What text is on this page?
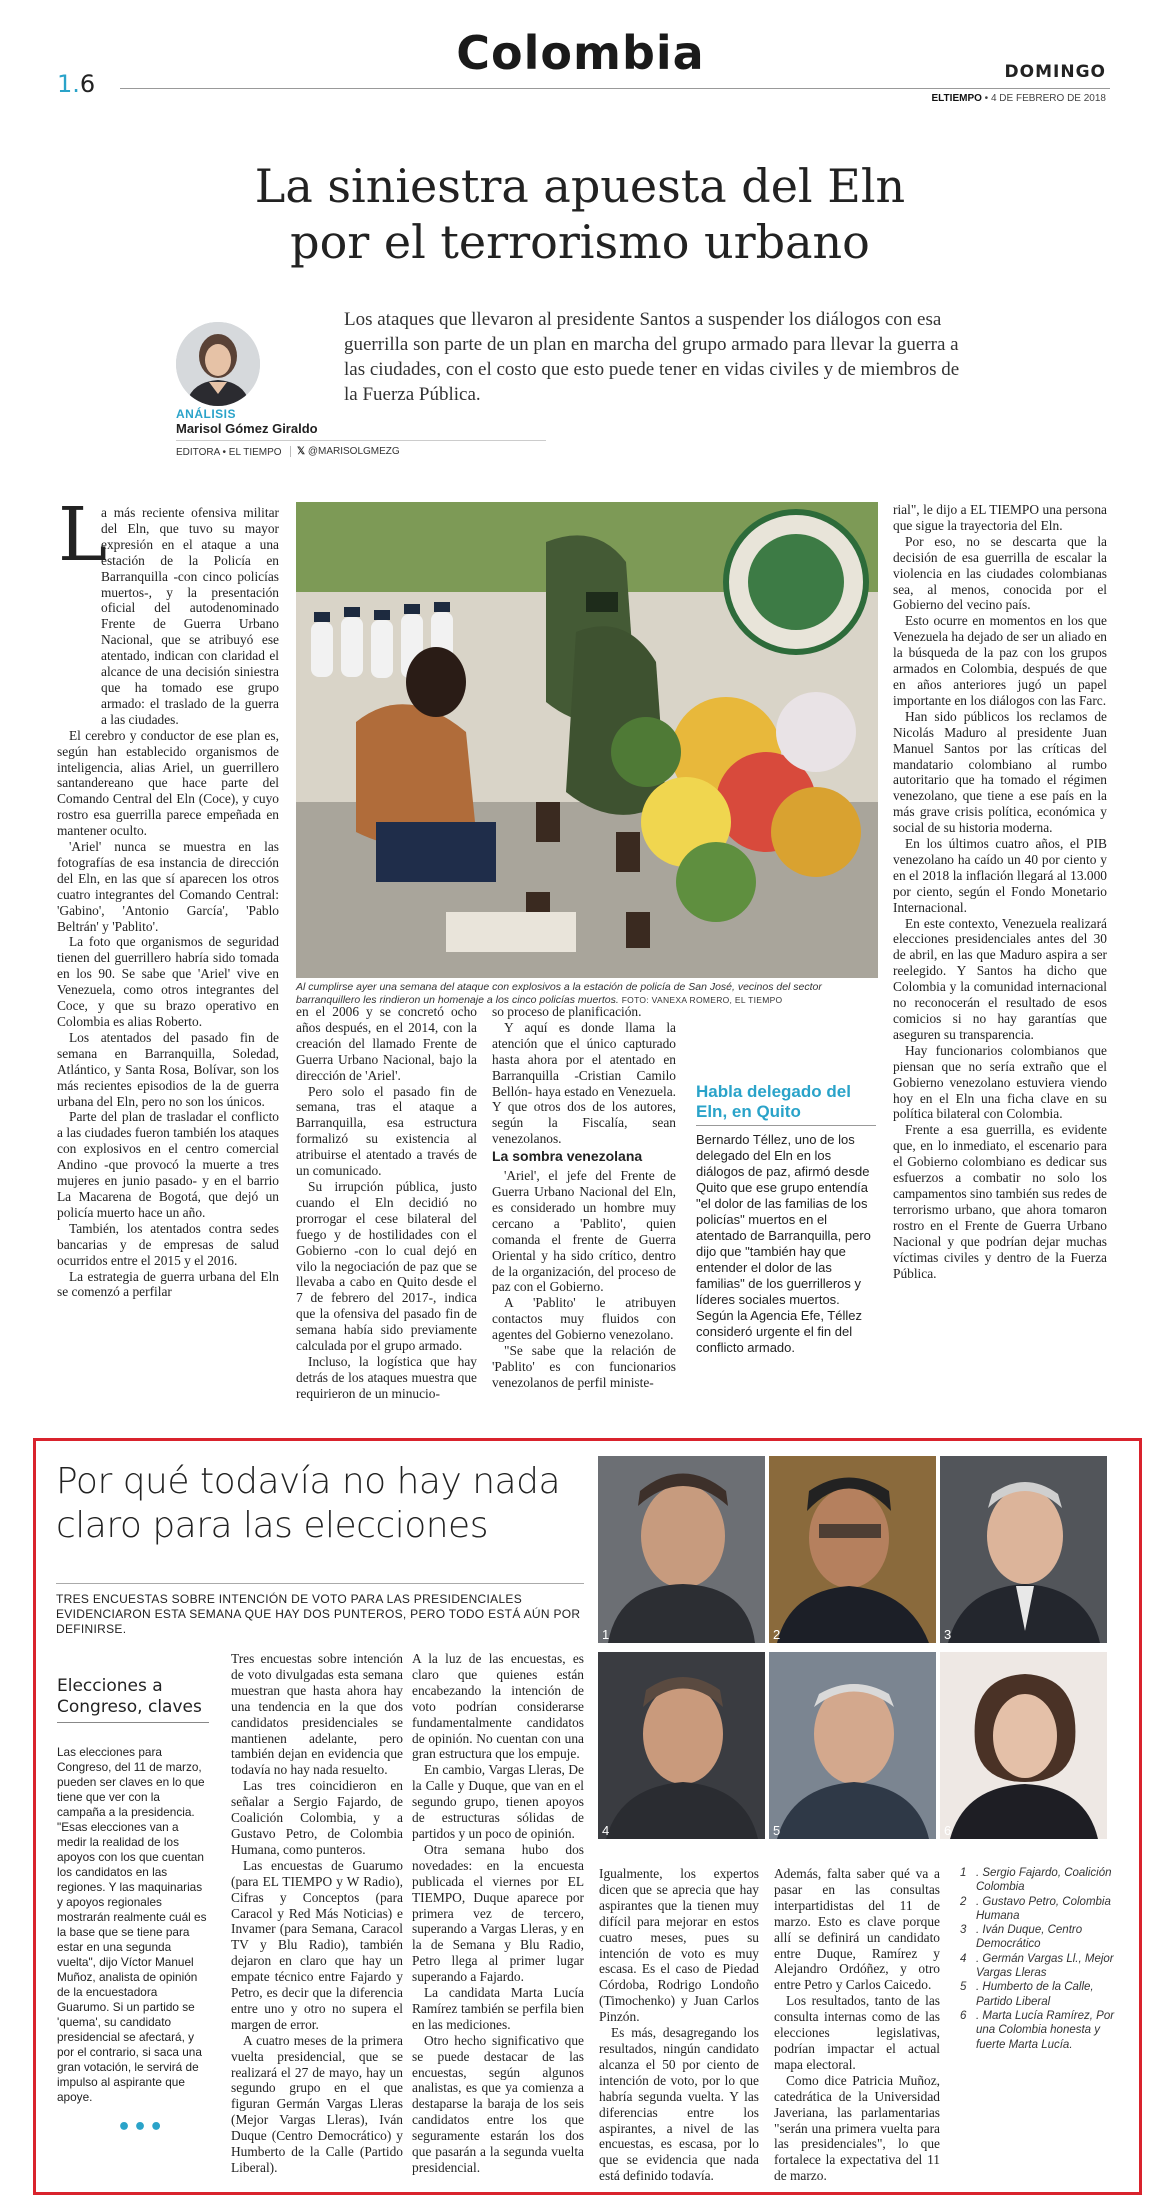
1.6
Colombia	DOMINGO
ELTIEMPO • 4 DE FEBRERO DE 2018
La siniestra apuesta del Eln
por el terrorismo urbano
ANÁLISIS
Marisol Gómez Giraldo
EDITORA • EL TIEMPO	𝕏 @MARISOLGMEZG
Los ataques que llevaron al presidente Santos a suspender los diálogos con esa guerrilla son parte de un plan en marcha del grupo armado para llevar la guerra a las ciudades, con el costo que esto puede tener en vidas civiles y de miembros de la Fuerza Pública.
L

a más reciente ofensiva militar del Eln, que tuvo su mayor expresión en el ataque a una estación de la Policía en Barranquilla -con cinco policías muertos-, y la presentación oficial del autodenominado Frente de Guerra Urbano Nacional, que se atribuyó ese atentado, indican con claridad el alcance de una decisión siniestra que ha tomado ese grupo armado: el traslado de la guerra a las ciudades.

El cerebro y conductor de ese plan es, según han establecido organismos de inteligencia, alias Ariel, un guerrillero santandereano que hace parte del Comando Central del Eln (Coce), y cuyo rostro esa guerrilla parece empeñada en mantener oculto.

'Ariel' nunca se muestra en las fotografías de esa instancia de dirección del Eln, en las que sí aparecen los otros cuatro integrantes del Comando Central: 'Gabino', 'Antonio García', 'Pablo Beltrán' y 'Pablito'.

La foto que organismos de seguridad tienen del guerrillero habría sido tomada en los 90. Se sabe que 'Ariel' vive en Venezuela, como otros integrantes del Coce, y que su brazo operativo en Colombia es alias Roberto.

Los atentados del pasado fin de semana en Barranquilla, Soledad, Atlántico, y Santa Rosa, Bolívar, son los más recientes episodios de la de guerra urbana del Eln, pero no son los únicos.

Parte del plan de trasladar el conflicto a las ciudades fueron también los ataques con explosivos en el centro comercial Andino -que provocó la muerte a tres mujeres en junio pasado- y en el barrio La Macarena de Bogotá, que dejó un policía muerto hace un año.

También, los atentados contra sedes bancarias y de empresas de salud ocurridos entre el 2015 y el 2016.

La estrategia de guerra urbana del Eln se comenzó a perfilar

Al cumplirse ayer una semana del ataque con explosivos a la estación de policía de San José, vecinos del sector barranquillero les rindieron un homenaje a los cinco policías muertos. FOTO: VANEXA ROMERO, EL TIEMPO

en el 2006 y se concretó ocho años después, en el 2014, con la creación del llamado Frente de Guerra Urbano Nacional, bajo la dirección de 'Ariel'.

Pero solo el pasado fin de semana, tras el ataque a Barranquilla, esa estructura formalizó su existencia al atribuirse el atentado a través de un comunicado.

Su irrupción pública, justo cuando el Eln decidió no prorrogar el cese bilateral del fuego y de hostilidades con el Gobierno -con lo cual dejó en vilo la negociación de paz que se llevaba a cabo en Quito desde el 7 de febrero del 2017-, indica que la ofensiva del pasado fin de semana había sido previamente calculada por el grupo armado.

Incluso, la logística que hay detrás de los ataques muestra que requirieron de un minucio-

so proceso de planificación.

Y aquí es donde llama la atención que el único capturado hasta ahora por el atentado en Barranquilla -Cristian Camilo Bellón- haya estado en Venezuela. Y que otros dos de los autores, según la Fiscalía, sean venezolanos.

La sombra venezolana

'Ariel', el jefe del Frente de Guerra Urbano Nacional del Eln, es considerado un hombre muy cercano a 'Pablito', quien comanda el frente de Guerra Oriental y ha sido crítico, dentro de la organización, del proceso de paz con el Gobierno.

A 'Pablito' le atribuyen contactos muy fluidos con agentes del Gobierno venezolano.

"Se sabe que la relación de 'Pablito' es con funcionarios venezolanos de perfil ministe-

Habla delegado del Eln, en Quito
Bernardo Téllez, uno de los delegado del Eln en los diálogos de paz, afirmó desde Quito que ese grupo entendía "el dolor de las familias de los policías" muertos en el atentado de Barranquilla, pero dijo que "también hay que entender el dolor de las familias" de los guerrilleros y líderes sociales muertos. Según la Agencia Efe, Téllez consideró urgente el fin del conflicto armado.

rial", le dijo a EL TIEMPO una persona que sigue la trayectoria del Eln.

Por eso, no se descarta que la decisión de esa guerrilla de escalar la violencia en las ciudades colombianas sea, al menos, conocida por el Gobierno del vecino país.

Esto ocurre en momentos en los que Venezuela ha dejado de ser un aliado en la búsqueda de la paz con los grupos armados en Colombia, después de que en años anteriores jugó un papel importante en los diálogos con las Farc.

Han sido públicos los reclamos de Nicolás Maduro al presidente Juan Manuel Santos por las críticas del mandatario colombiano al rumbo autoritario que ha tomado el régimen venezolano, que tiene a ese país en la más grave crisis política, económica y social de su historia moderna.

En los últimos cuatro años, el PIB venezolano ha caído un 40 por ciento y en el 2018 la inflación llegará al 13.000 por ciento, según el Fondo Monetario Internacional.

En este contexto, Venezuela realizará elecciones presidenciales antes del 30 de abril, en las que Maduro aspira a ser reelegido. Y Santos ha dicho que Colombia y la comunidad internacional no reconocerán el resultado de esos comicios si no hay garantías que aseguren su transparencia.

Hay funcionarios colombianos que piensan que no sería extraño que el Gobierno venezolano estuviera viendo hoy en el Eln una ficha clave en su política bilateral con Colombia.

Frente a esa guerrilla, es evidente que, en lo inmediato, el escenario para el Gobierno colombiano es dedicar sus esfuerzos a combatir no solo los campamentos sino también sus redes de terrorismo urbano, que ahora tomaron rostro en el Frente de Guerra Urbano Nacional y que podrían dejar muchas víctimas civiles y dentro de la Fuerza Pública.

Por qué todavía no hay nada claro para las elecciones
TRES ENCUESTAS SOBRE INTENCIÓN DE VOTO PARA LAS PRESIDENCIALES EVIDENCIARON ESTA SEMANA QUE HAY DOS PUNTEROS, PERO TODO ESTÁ AÚN POR DEFINIRSE.
Elecciones a Congreso, claves
Las elecciones para Congreso, del 11 de marzo, pueden ser claves en lo que tiene que ver con la campaña a la presidencia. "Esas elecciones van a medir la realidad de los apoyos con los que cuentan los candidatos en las regiones. Y las maquinarias y apoyos regionales mostrarán realmente cuál es la base que se tiene para estar en una segunda vuelta", dijo Víctor Manuel Muñoz, analista de opinión de la encuestadora Guarumo. Si un partido se 'quema', su candidato presidencial se afectará, y por el contrario, si saca una gran votación, le servirá de impulso al aspirante que apoye.
•••

Tres encuestas sobre intención de voto divulgadas esta semana muestran que hasta ahora hay una tendencia en la que dos candidatos presidenciales se mantienen adelante, pero también dejan en evidencia que todavía no hay nada resuelto.

Las tres coincidieron en señalar a Sergio Fajardo, de Coalición Colombia, y a Gustavo Petro, de Colombia Humana, como punteros.

Las encuestas de Guarumo (para EL TIEMPO y W Radio), Cifras y Conceptos (para Caracol y Red Más Noticias) e Invamer (para Semana, Caracol TV y Blu Radio), también dejaron en claro que hay un empate técnico entre Fajardo y Petro, es decir que la diferencia entre uno y otro no supera el margen de error.

A cuatro meses de la primera vuelta presidencial, que se realizará el 27 de mayo, hay un segundo grupo en el que figuran Germán Vargas Lleras (Mejor Vargas Lleras), Iván Duque (Centro Democrático) y Humberto de la Calle (Partido Liberal).

A la luz de las encuestas, es claro que quienes están encabezando la intención de voto podrían considerarse fundamentalmente candidatos de opinión. No cuentan con una gran estructura que los empuje.

En cambio, Vargas Lleras, De la Calle y Duque, que van en el segundo grupo, tienen apoyos de estructuras sólidas de partidos y un poco de opinión.

Otra semana hubo dos novedades: en la encuesta publicada el viernes por EL TIEMPO, Duque aparece por primera vez de tercero, superando a Vargas Lleras, y en la de Semana y Blu Radio, Petro llega al primer lugar superando a Fajardo.

La candidata Marta Lucía Ramírez también se perfila bien en las mediciones.

Otro hecho significativo que se puede destacar de las encuestas, según algunos analistas, es que ya comienza a destaparse la baraja de los seis candidatos entre los que seguramente estarán los dos que pasarán a la segunda vuelta presidencial.

Igualmente, los expertos dicen que se aprecia que hay aspirantes que la tienen muy difícil para mejorar en estos cuatro meses, pues su intención de voto es muy escasa. Es el caso de Piedad Córdoba, Rodrigo Londoño (Timochenko) y Juan Carlos Pinzón.

Es más, desagregando los resultados, ningún candidato alcanza el 50 por ciento de intención de voto, por lo que habría segunda vuelta. Y las diferencias entre los aspirantes, a nivel de las encuestas, es escasa, por lo que se evidencia que nada está definido todavía.

Además, falta saber qué va a pasar en las consultas interpartidistas del 11 de marzo. Esto es clave porque allí se definirá un candidato entre Duque, Ramírez y Alejandro Ordóñez, y otro entre Petro y Carlos Caicedo.

Los resultados, tanto de las consulta internas como de las elecciones legislativas, podrían impactar el actual mapa electoral.

Como dice Patricia Muñoz, catedrática de la Universidad Javeriana, las parlamentarias "serán una primera vuelta para las presidenciales", lo que fortalece la expectativa del 11 de marzo.

1	2	3
4	5	6
1 . Sergio Fajardo, Coalición Colombia
2 . Gustavo Petro, Colombia Humana
3 . Iván Duque, Centro Democrático
4 . Germán Vargas Ll., Mejor Vargas Lleras
5 . Humberto de la Calle, Partido Liberal
6 . Marta Lucía Ramírez, Por una Colombia honesta y fuerte Marta Lucía.
